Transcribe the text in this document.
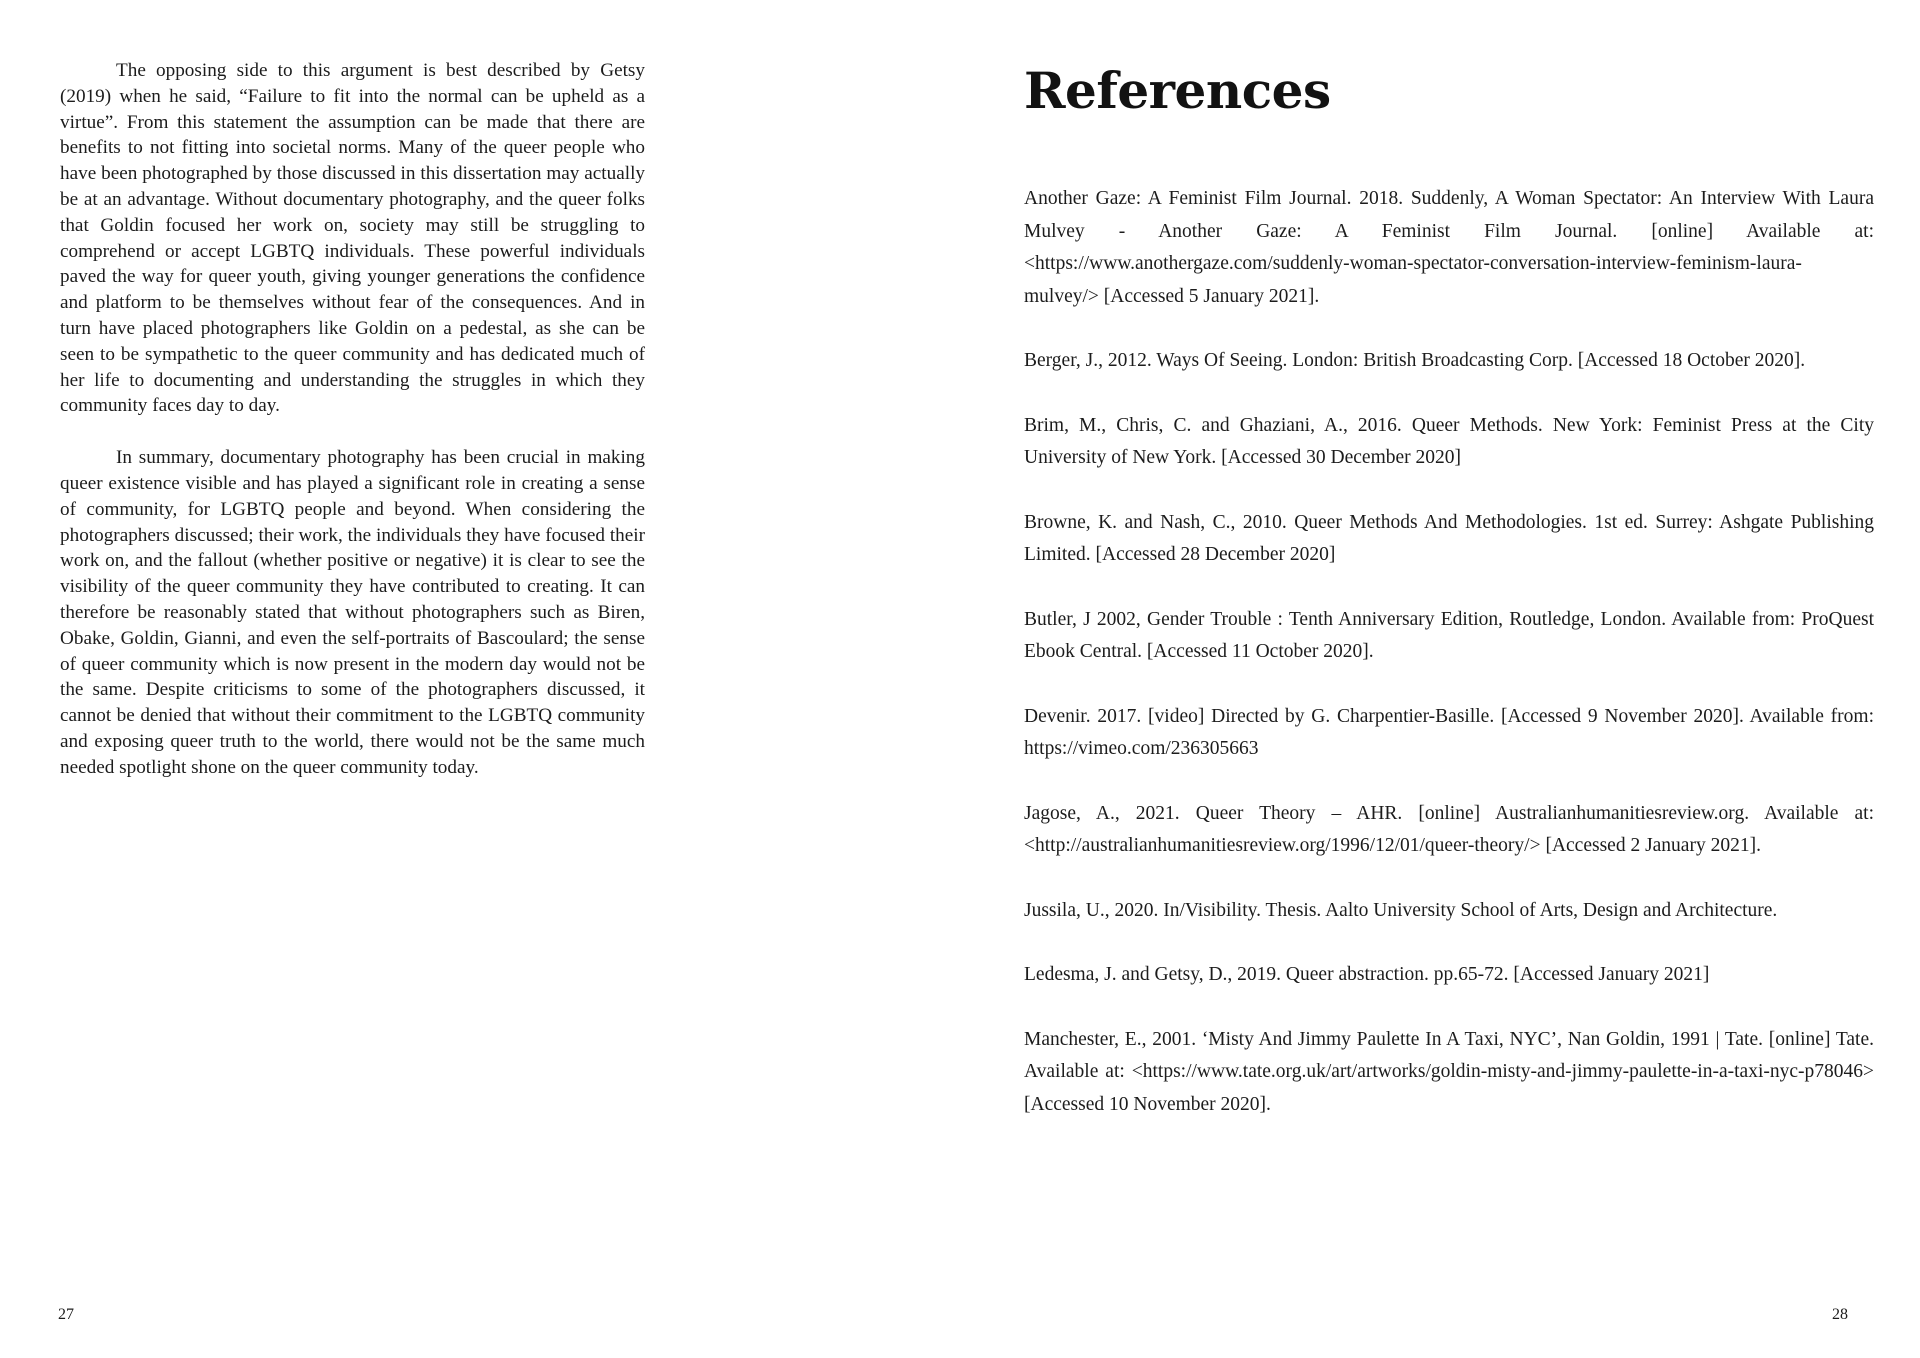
The opposing side to this argument is best described by Getsy (2019) when he said, “Failure to fit into the normal can be upheld as a virtue”. From this statement the assumption can be made that there are benefits to not fitting into societal norms. Many of the queer people who have been photographed by those discussed in this dissertation may actually be at an advantage. Without documentary photography, and the queer folks that Goldin focused her work on, society may still be struggling to comprehend or accept LGBTQ individuals. These powerful individuals paved the way for queer youth, giving younger generations the confidence and platform to be themselves without fear of the consequences. And in turn have placed photographers like Goldin on a pedestal, as she can be seen to be sympathetic to the queer community and has dedicated much of her life to documenting and understanding the struggles in which they community faces day to day.

In summary, documentary photography has been crucial in making queer existence visible and has played a significant role in creating a sense of community, for LGBTQ people and beyond. When considering the photographers discussed; their work, the individuals they have focused their work on, and the fallout (whether positive or negative) it is clear to see the visibility of the queer community they have contributed to creating. It can therefore be reasonably stated that without photographers such as Biren, Obake, Goldin, Gianni, and even the self-portraits of Bascoulard; the sense of queer community which is now present in the modern day would not be the same. Despite criticisms to some of the photographers discussed, it cannot be denied that without their commitment to the LGBTQ community and exposing queer truth to the world, there would not be the same much needed spotlight shone on the queer community today.

References
Another Gaze: A Feminist Film Journal. 2018. Suddenly, A Woman Spectator: An Interview With Laura Mulvey - Another Gaze: A Feminist Film Journal. [online] Available at: <https://www.anothergaze.com/suddenly-woman-spectator-conversation-interview-feminism-laura-mulvey/> [Accessed 5 January 2021].
Berger, J., 2012. Ways Of Seeing. London: British Broadcasting Corp. [Accessed 18 October 2020].
Brim, M., Chris, C. and Ghaziani, A., 2016. Queer Methods. New York: Feminist Press at the City University of New York. [Accessed 30 December 2020]
Browne, K. and Nash, C., 2010. Queer Methods And Methodologies. 1st ed. Surrey: Ashgate Publishing Limited. [Accessed 28 December 2020]
Butler, J 2002, Gender Trouble : Tenth Anniversary Edition, Routledge, London. Available from: ProQuest Ebook Central. [Accessed 11 October 2020].
Devenir. 2017. [video] Directed by G. Charpentier-Basille. [Accessed 9 November 2020]. Available from: https://vimeo.com/236305663
Jagose, A., 2021. Queer Theory – AHR. [online] Australianhumanitiesreview.org. Available at: <http://australianhumanitiesreview.org/1996/12/01/queer-theory/> [Accessed 2 January 2021].
Jussila, U., 2020. In/Visibility. Thesis. Aalto University School of Arts, Design and Architecture.
Ledesma, J. and Getsy, D., 2019. Queer abstraction. pp.65-72. [Accessed January 2021]
Manchester, E., 2001. ‘Misty And Jimmy Paulette In A Taxi, NYC’, Nan Goldin, 1991 | Tate. [online] Tate. Available at: <https://www.tate.org.uk/art/artworks/goldin-misty-and-jimmy-paulette-in-a-taxi-nyc-p78046> [Accessed 10 November 2020].
27	28
